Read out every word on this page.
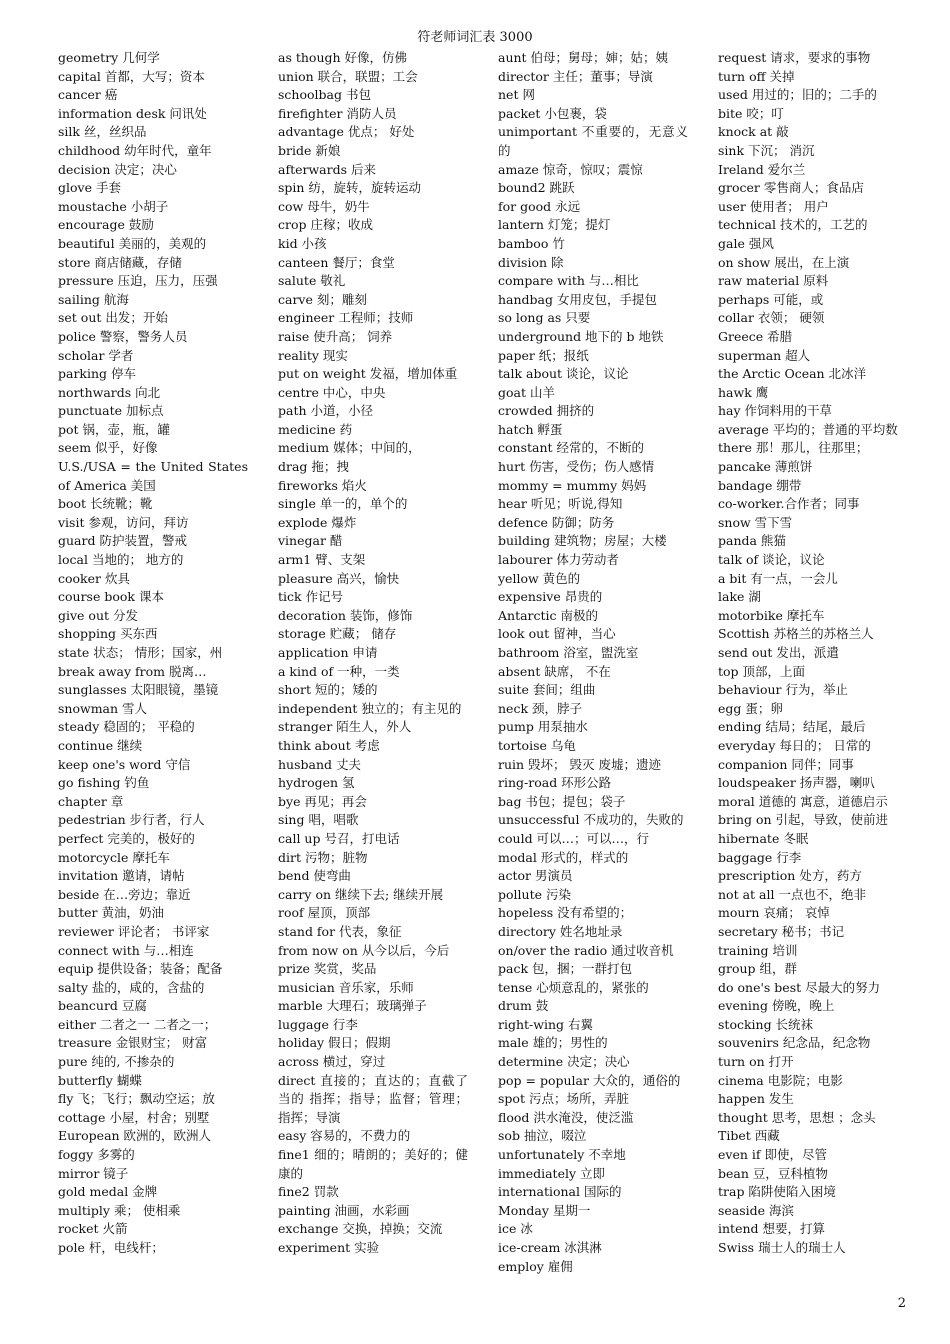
符老师词汇表 3000
geometry 几何学
capital 首都，大写；资本
cancer 癌
information desk 问讯处
silk 丝，丝织品
childhood 幼年时代，童年
decision 决定；决心
glove 手套
moustache 小胡子
encourage 鼓励
beautiful 美丽的，美观的
store 商店储藏，存储
pressure 压迫，压力，压强
sailing 航海
set out 出发；开始
police 警察，警务人员
scholar 学者
parking 停车
northwards 向北
punctuate 加标点
pot 锅，壶，瓶，罐
seem 似乎，好像
U.S./USA = the United States of America 美国
boot 长统靴；靴
visit 参观，访问，拜访
guard 防护装置，警戒
local 当地的； 地方的
cooker 炊具
course book 课本
give out 分发
shopping 买东西
state 状态； 情形；国家，州
break away from 脱离…
sunglasses 太阳眼镜，墨镜
snowman 雪人
steady 稳固的； 平稳的
continue 继续
keep one's word 守信
go fishing 钓鱼
chapter 章
pedestrian 步行者，行人
perfect 完美的，极好的
motorcycle 摩托车
invitation 邀请，请帖
beside 在…旁边；靠近
butter 黄油，奶油
reviewer 评论者； 书评家
connect with 与…相连
equip 提供设备；装备；配备
salty 盐的，咸的，含盐的
beancurd 豆腐
either 二者之一 二者之一；
treasure 金银财宝； 财富
pure 纯的, 不掺杂的
butterfly 蝴蝶
fly 飞；飞行；飘动空运；放
cottage 小屋，村舍；别墅
European 欧洲的，欧洲人
foggy 多雾的
mirror 镜子
gold medal 金牌
multiply 乘； 使相乘
rocket 火箭
pole 杆，电线杆；
as though 好像，仿佛
union 联合，联盟；工会
schoolbag 书包
firefighter 消防人员
advantage 优点； 好处
bride 新娘
afterwards 后来
spin 纺，旋转，旋转运动
cow 母牛，奶牛
crop 庄稼；收成
kid 小孩
canteen 餐厅；食堂
salute 敬礼
carve 刻；雕刻
engineer 工程师；技师
raise 使升高； 饲养
reality 现实
put on weight 发福，增加体重
centre 中心，中央
path 小道，小径
medicine 药
medium 媒体；中间的，
drag 拖；拽
fireworks 焰火
single 单一的，单个的
explode 爆炸
vinegar 醋
arm1 臂、支架
pleasure 高兴，愉快
tick 作记号
decoration 装饰，修饰
storage 贮藏； 储存
application 申请
a kind of 一种，一类
short 短的；矮的
independent 独立的；有主见的
stranger 陌生人，外人
think about 考虑
husband 丈夫
hydrogen 氢
bye 再见；再会
sing 唱，唱歌
call up 号召，打电话
dirt 污物；脏物
bend 使弯曲
carry on 继续下去; 继续开展
roof 屋顶，顶部
stand for 代表，象征
from now on 从今以后，今后
prize 奖赏，奖品
musician 音乐家，乐师
marble 大理石；玻璃弹子
luggage 行李
holiday 假日；假期
across 横过，穿过
direct 直接的；直达的；直截了当的 指挥；指导；监督；管理；指挥；导演
easy 容易的，不费力的
fine1 细的；晴朗的；美好的；健康的
fine2 罚款
painting 油画，水彩画
exchange 交换，掉换；交流
experiment 实验
aunt 伯母；舅母；婶；姑；姨
director 主任；董事；导演
net 网
packet 小包裹，袋
unimportant 不重要的，无意义的
amaze 惊奇，惊叹；震惊
bound2 跳跃
for good 永远
lantern 灯笼；提灯
bamboo 竹
division 除
compare with 与…相比
handbag 女用皮包，手提包
so long as 只要
underground 地下的 b 地铁
paper 纸；报纸
talk about 谈论，议论
goat 山羊
crowded 拥挤的
hatch 孵蛋
constant 经常的，不断的
hurt 伤害，受伤；伤人感情
mommy = mummy 妈妈
hear 听见；听说,得知
defence 防御；防务
building 建筑物；房屋；大楼
labourer 体力劳动者
yellow 黄色的
expensive 昂贵的
Antarctic 南极的
look out 留神，当心
bathroom 浴室，盥洗室
absent 缺席， 不在
suite 套间；组曲
neck 颈，脖子
pump 用泵抽水
tortoise 乌龟
ruin 毁坏； 毁灭 废墟；遗迹
ring-road 环形公路
bag 书包；提包；袋子
unsuccessful 不成功的，失败的
could 可以…；可以…，行
modal 形式的，样式的
actor 男演员
pollute 污染
hopeless 没有希望的；
directory 姓名地址录
on/over the radio 通过收音机
pack 包，捆；一群打包
tense 心烦意乱的，紧张的
drum 鼓
right-wing 右翼
male 雄的；男性的
determine 决定；决心
pop = popular 大众的，通俗的
spot 污点；场所，弄脏
flood 洪水淹没，使泛滥
sob 抽泣，啜泣
unfortunately 不幸地
immediately 立即
international 国际的
Monday 星期一
ice 冰
ice-cream 冰淇淋
employ 雇佣
request 请求，要求的事物
turn off 关掉
used 用过的；旧的；二手的
bite 咬；叮
knock at 敲
sink 下沉； 消沉
Ireland 爱尔兰
grocer 零售商人；食品店
user 使用者； 用户
technical 技术的，工艺的
gale 强风
on show 展出，在上演
raw material 原料
perhaps 可能，或
collar 衣领； 硬领
Greece 希腊
superman 超人
the Arctic Ocean 北冰洋
hawk 鹰
hay 作饲料用的干草
average 平均的；普通的平均数
there 那！那儿，往那里；
pancake 薄煎饼
bandage 绷带
co-worker.合作者；同事
snow 雪下雪
panda 熊猫
talk of 谈论，议论
a bit 有一点，一会儿
lake 湖
motorbike 摩托车
Scottish 苏格兰的苏格兰人
send out 发出，派遣
top 顶部，上面
behaviour 行为，举止
egg 蛋；卵
ending 结局；结尾，最后
everyday 每日的； 日常的
companion 同伴；同事
loudspeaker 扬声器，喇叭
moral 道德的 寓意，道德启示
bring on 引起，导致，使前进
hibernate 冬眠
baggage 行李
prescription 处方，药方
not at all 一点也不，绝非
mourn 哀痛； 哀悼
secretary 秘书；书记
training 培训
group 组，群
do one's best 尽最大的努力
evening 傍晚，晚上
stocking 长统袜
souvenirs 纪念品，纪念物
turn on 打开
cinema 电影院；电影
happen 发生
thought 思考，思想 ；念头
Tibet 西藏
even if 即使，尽管
bean 豆，豆科植物
trap 陷阱使陷入困境
seaside 海滨
intend 想要，打算
Swiss 瑞士人的瑞士人
2
